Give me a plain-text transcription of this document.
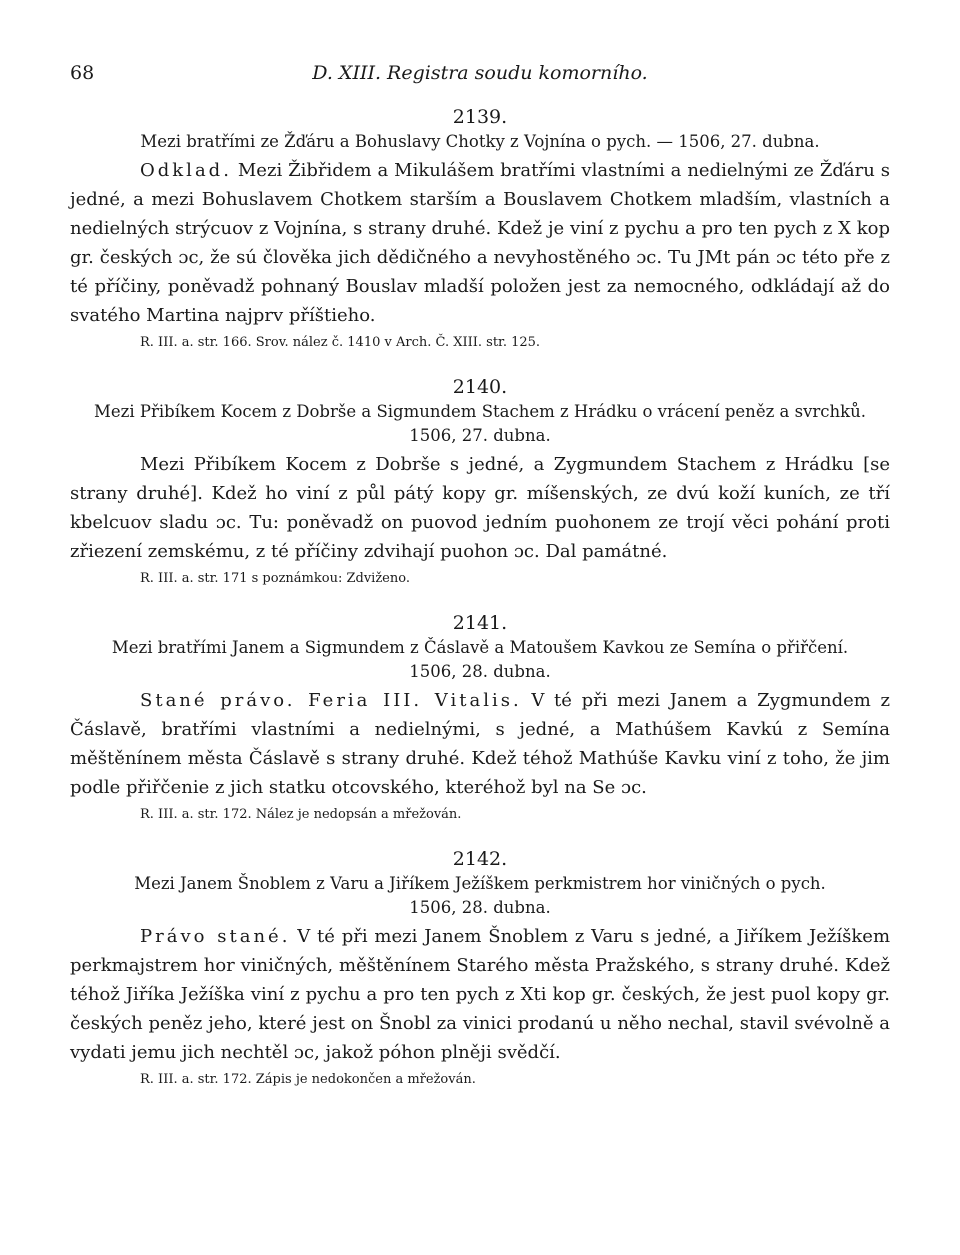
68	D. XIII. Registra soudu komorního.

2139.

Mezi bratřími ze Žďáru a Bohuslavy Chotky z Vojnína o pych. — 1506, 27. dubna.

Odklad. Mezi Žibřidem a Mikulášem bratřími vlastními a nedielnými ze Žďáru s jedné, a mezi Bohuslavem Chotkem starším a Bouslavem Chotkem mladším, vlastních a nedielných strýcuov z Vojnína, s strany druhé. Kdež je viní z pychu a pro ten pych z X kop gr. českých ɔc, že sú člověka jich dědičného a nevyhostěného ɔc. Tu JMt pán ɔc této pře z té příčiny, poněvadž pohnaný Bouslav mladší položen jest za nemocného, odkládají až do svatého Martina najprv příštieho.

R. III. a. str. 166. Srov. nález č. 1410 v Arch. Č. XIII. str. 125.

2140.

Mezi Přibíkem Kocem z Dobrše a Sigmundem Stachem z Hrádku o vrácení peněz a svrchků.

1506, 27. dubna.

Mezi Přibíkem Kocem z Dobrše s jedné, a Zygmundem Stachem z Hrádku [se strany druhé]. Kdež ho viní z půl pátý kopy gr. míšenských, ze dvú koží kuních, ze tří kbelcuov sladu ɔc. Tu: poněvadž on puovod jedním puohonem ze trojí věci pohání proti zřiezení zemskému, z té příčiny zdvihají puohon ɔc. Dal památné.

R. III. a. str. 171 s poznámkou: Zdviženo.

2141.

Mezi bratřími Janem a Sigmundem z Čáslavě a Matoušem Kavkou ze Semína o přiřčení.

1506, 28. dubna.

Stané právo. Feria III. Vitalis. V té při mezi Janem a Zygmundem z Čáslavě, bratřími vlastními a nedielnými, s jedné, a Mathúšem Kavkú z Semína měštěnínem města Čáslavě s strany druhé. Kdež téhož Mathúše Kavku viní z toho, že jim podle přiřčenie z jich statku otcovského, kteréhož byl na Se ɔc.

R. III. a. str. 172. Nález je nedopsán a mřežován.

2142.

Mezi Janem Šnoblem z Varu a Jiříkem Ježíškem perkmistrem hor viničných o pych.

1506, 28. dubna.

Právo stané. V té při mezi Janem Šnoblem z Varu s jedné, a Jiříkem Ježíškem perkmajstrem hor viničných, měštěnínem Starého města Pražského, s strany druhé. Kdež téhož Jiříka Ježíška viní z pychu a pro ten pych z Xti kop gr. českých, že jest puol kopy gr. českých peněz jeho, které jest on Šnobl za vinici prodanú u něho nechal, stavil svévolně a vydati jemu jich nechtěl ɔc, jakož póhon plněji svědčí.

R. III. a. str. 172. Zápis je nedokončen a mřežován.
